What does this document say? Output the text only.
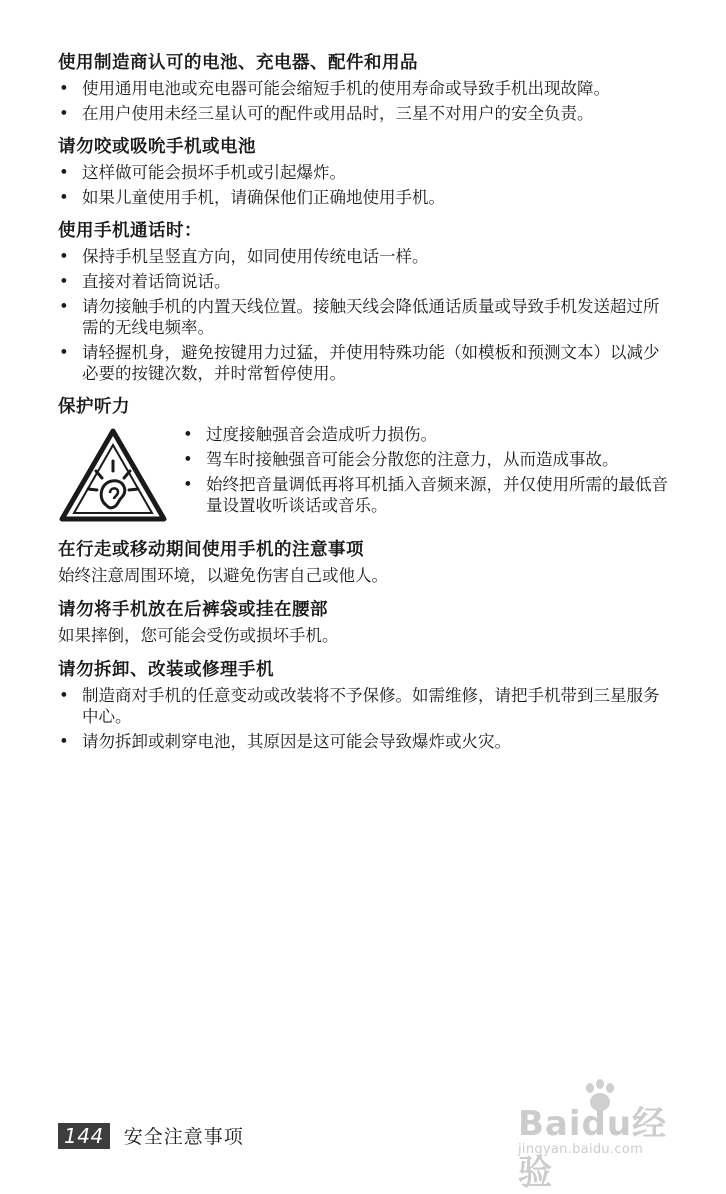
使用制造商认可的电池、充电器、配件和用品
• 使用通用电池或充电器可能会缩短手机的使用寿命或导致手机出现故障。
• 在用户使用未经三星认可的配件或用品时，三星不对用户的安全负责。
请勿咬或吸吮手机或电池
• 这样做可能会损坏手机或引起爆炸。
• 如果儿童使用手机，请确保他们正确地使用手机。
使用手机通话时：
• 保持手机呈竖直方向，如同使用传统电话一样。
• 直接对着话筒说话。
• 请勿接触手机的内置天线位置。接触天线会降低通话质量或导致手机发送超过所需的无线电频率。
• 请轻握机身，避免按键用力过猛，并使用特殊功能（如模板和预测文本）以减少必要的按键次数，并时常暂停使用。
保护听力
• 过度接触强音会造成听力损伤。
• 驾车时接触强音可能会分散您的注意力，从而造成事故。
• 始终把音量调低再将耳机插入音频来源，并仅使用所需的最低音量设置收听谈话或音乐。
在行走或移动期间使用手机的注意事项

始终注意周围环境，以避免伤害自己或他人。

请勿将手机放在后裤袋或挂在腰部

如果摔倒，您可能会受伤或损坏手机。

请勿拆卸、改装或修理手机
• 制造商对手机的任意变动或改装将不予保修。如需维修，请把手机带到三星服务中心。
• 请勿拆卸或刺穿电池，其原因是这可能会导致爆炸或火灾。
144	安全注意事项	Baidu经验
jingyan.baidu.com
